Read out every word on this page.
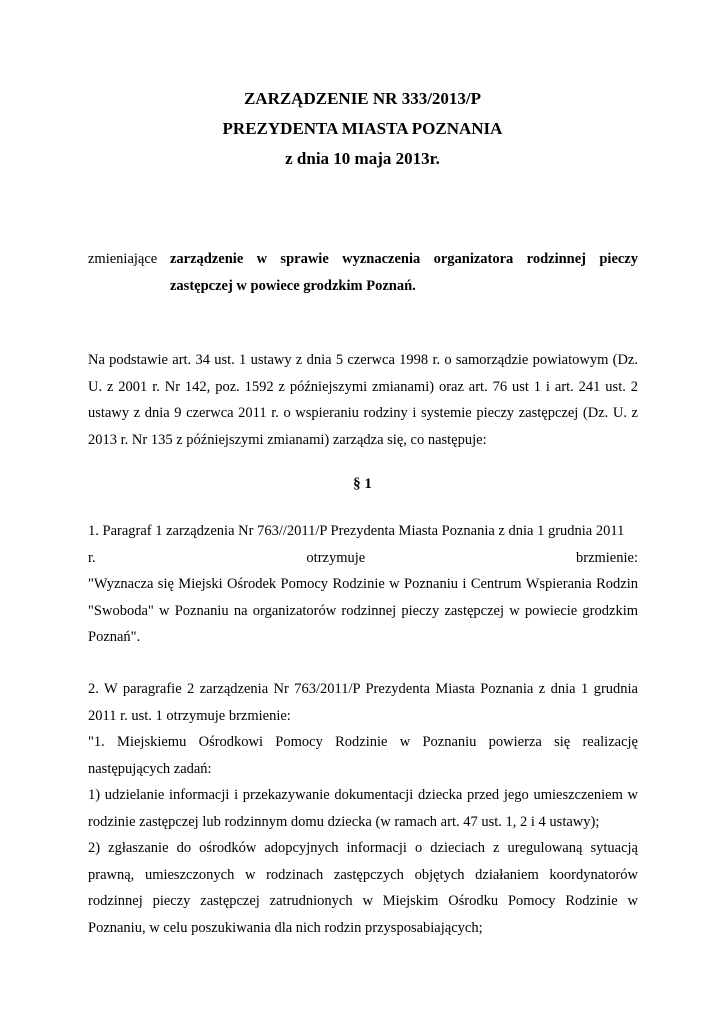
ZARZĄDZENIE NR 333/2013/P
PREZYDENTA MIASTA POZNANIA
z dnia 10 maja 2013r.
zmieniające zarządzenie w sprawie wyznaczenia organizatora rodzinnej pieczy zastępczej w powiece grodzkim Poznań.
Na podstawie art. 34 ust. 1 ustawy z dnia 5 czerwca 1998 r. o samorządzie powiatowym (Dz. U. z 2001 r. Nr 142, poz. 1592 z późniejszymi zmianami) oraz art. 76 ust 1 i art. 241 ust. 2 ustawy z dnia 9 czerwca 2011 r. o wspieraniu rodziny i systemie pieczy zastępczej (Dz. U. z 2013 r. Nr 135 z późniejszymi zmianami) zarządza się, co następuje:
§ 1
1. Paragraf 1 zarządzenia Nr 763//2011/P Prezydenta Miasta Poznania z dnia 1 grudnia 2011
r.	otrzymuje	brzmienie:
"Wyznacza się Miejski Ośrodek Pomocy Rodzinie w Poznaniu i Centrum Wspierania Rodzin "Swoboda" w Poznaniu na organizatorów rodzinnej pieczy zastępczej w powiecie grodzkim Poznań".
2. W paragrafie 2 zarządzenia Nr 763/2011/P Prezydenta Miasta Poznania z dnia 1 grudnia 2011 r. ust. 1 otrzymuje brzmienie:
"1. Miejskiemu Ośrodkowi Pomocy Rodzinie w Poznaniu powierza się realizację następujących zadań:
1) udzielanie informacji i przekazywanie dokumentacji dziecka przed jego umieszczeniem w rodzinie zastępczej lub rodzinnym domu dziecka (w ramach art. 47 ust. 1, 2 i 4 ustawy);
2) zgłaszanie do ośrodków adopcyjnych informacji o dzieciach z uregulowaną sytuacją prawną, umieszczonych w rodzinach zastępczych objętych działaniem koordynatorów rodzinnej pieczy zastępczej zatrudnionych w Miejskim Ośrodku Pomocy Rodzinie w Poznaniu, w celu poszukiwania dla nich rodzin przysposabiających;
